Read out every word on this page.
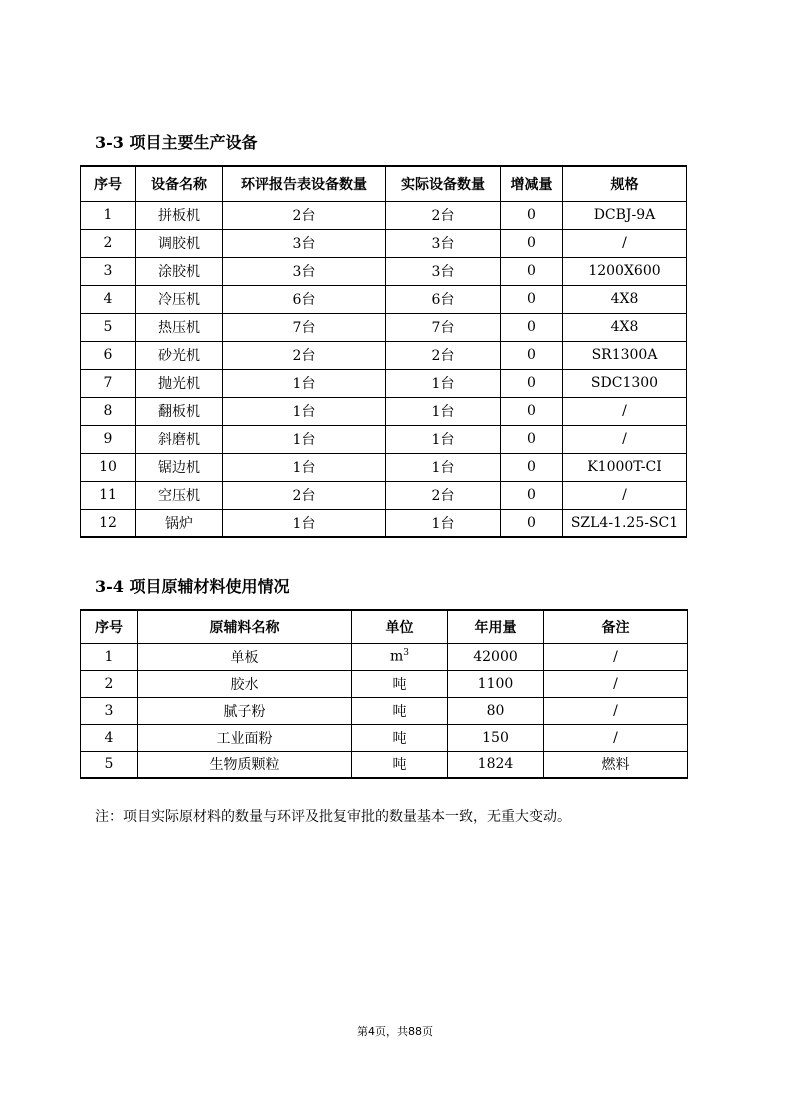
3-3 项目主要生产设备
序号	设备名称	环评报告表设备数量	实际设备数量	增减量	规格
1	拼板机	2台	2台	0	DCBJ-9A
2	调胶机	3台	3台	0	/
3	涂胶机	3台	3台	0	1200X600
4	冷压机	6台	6台	0	4X8
5	热压机	7台	7台	0	4X8
6	砂光机	2台	2台	0	SR1300A
7	抛光机	1台	1台	0	SDC1300
8	翻板机	1台	1台	0	/
9	斜磨机	1台	1台	0	/
10	锯边机	1台	1台	0	K1000T-CI
11	空压机	2台	2台	0	/
12	锅炉	1台	1台	0	SZL4-1.25-SC1
3-4 项目原辅材料使用情况
序号	原辅料名称	单位	年用量	备注
1	单板	$m^3$	42000	/
2	胶水	吨	1100	/
3	腻子粉	吨	80	/
4	工业面粉	吨	150	/
5	生物质颗粒	吨	1824	燃料
注：项目实际原材料的数量与环评及批复审批的数量基本一致，无重大变动。
第4页，共88页
